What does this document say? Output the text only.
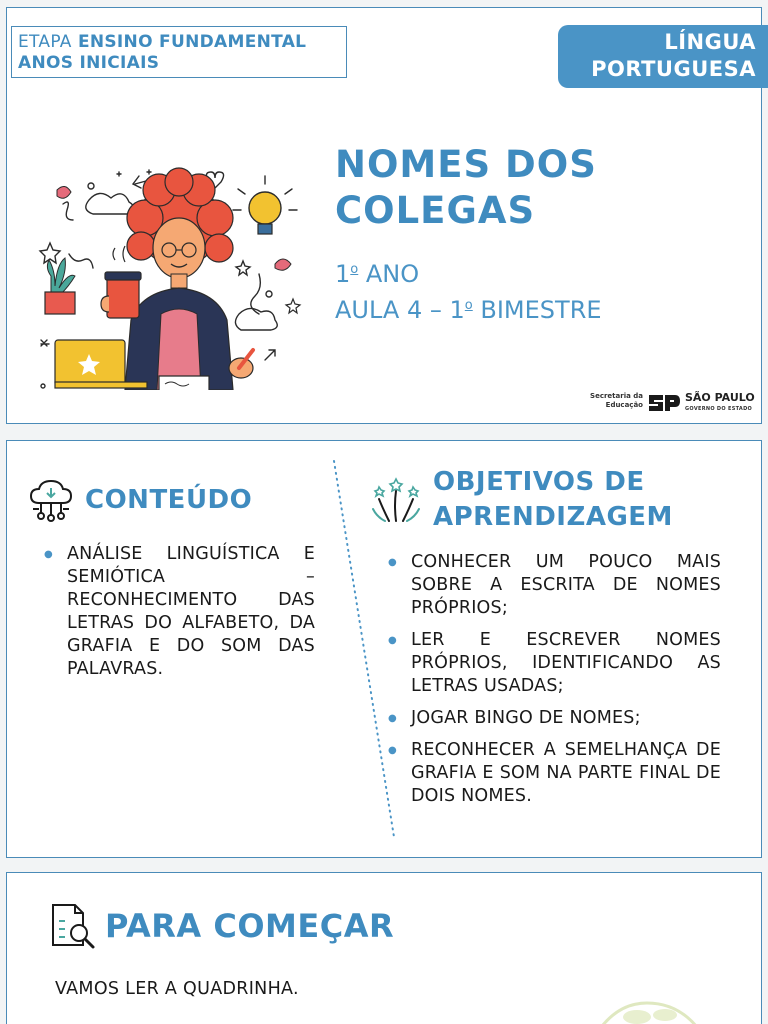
ETAPA ENSINO FUNDAMENTAL
ANOS INICIAIS
LÍNGUA
PORTUGUESA
NOMES DOS
COLEGAS
1$^o$ ANO
AULA 4 – 1$^o$ BIMESTRE
Secretaria da
Educação
SÃO PAULO
GOVERNO DO ESTADO
CONTEÚDO
● ANÁLISE LINGUÍSTICA E SEMIÓTICA – RECONHECIMENTO DAS LETRAS DO ALFABETO, DA GRAFIA E DO SOM DAS PALAVRAS.
OBJETIVOS DE
APRENDIZAGEM
● CONHECER UM POUCO MAIS SOBRE A ESCRITA DE NOMES PRÓPRIOS;
● LER E ESCREVER NOMES PRÓPRIOS, IDENTIFICANDO AS LETRAS USADAS;
● JOGAR BINGO DE NOMES;
● RECONHECER A SEMELHANÇA DE GRAFIA E SOM NA PARTE FINAL DE DOIS NOMES.
PARA COMEÇAR

VAMOS LER A QUADRINHA.
